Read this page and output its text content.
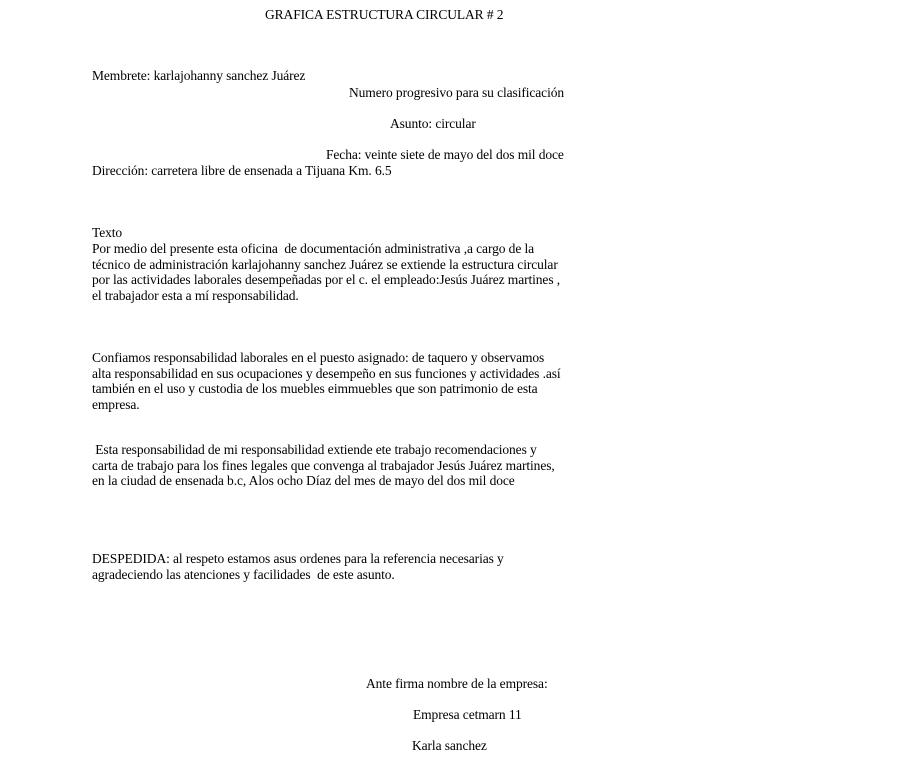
GRAFICA ESTRUCTURA CIRCULAR # 2
Membrete: karlajohanny sanchez Juárez
Numero progresivo para su clasificación
Asunto: circular
Fecha: veinte siete de mayo del dos mil doce
Dirección: carretera libre de ensenada a Tijuana Km. 6.5
Texto
Por medio del presente esta oficina  de documentación administrativa ,a cargo de la
técnico de administración karlajohanny sanchez Juárez se extiende la estructura circular
por las actividades laborales desempeñadas por el c. el empleado:Jesús Juárez martines ,
el trabajador esta a mí responsabilidad.
Confiamos responsabilidad laborales en el puesto asignado: de taquero y observamos
alta responsabilidad en sus ocupaciones y desempeño en sus funciones y actividades .así
también en el uso y custodia de los muebles eimmuebles que son patrimonio de esta
empresa.
Esta responsabilidad de mi responsabilidad extiende ete trabajo recomendaciones y
carta de trabajo para los fines legales que convenga al trabajador Jesús Juárez martines,
en la ciudad de ensenada b.c, Alos ocho Díaz del mes de mayo del dos mil doce
DESPEDIDA: al respeto estamos asus ordenes para la referencia necesarias y
agradeciendo las atenciones y facilidades  de este asunto.
Ante firma nombre de la empresa:
Empresa cetmarn 11
Karla sanchez
